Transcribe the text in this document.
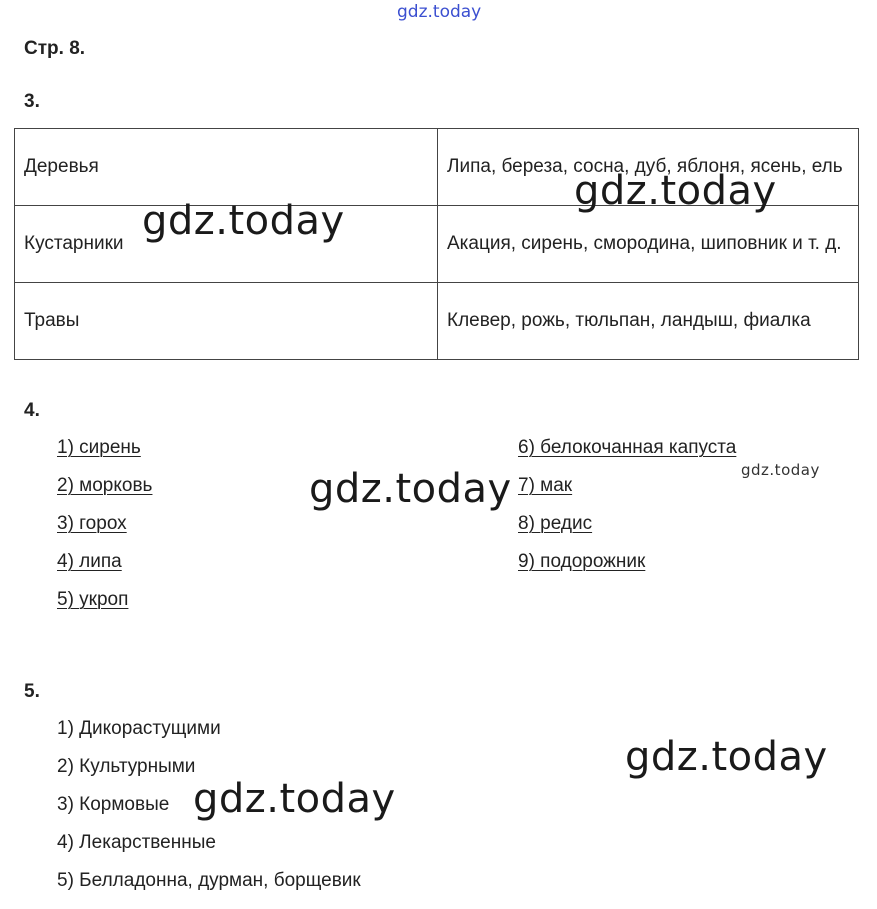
gdz.today
Стр. 8.
3.
Деревья	Липа, береза, сосна, дуб, яблоня, ясень, ель
Кустарники	Акация, сирень, смородина, шиповник и т. д.
Травы	Клевер, рожь, тюльпан, ландыш, фиалка
gdz.today
gdz.today
4.
1) сирень
2) морковь
3) горох
4) липа
5) укроп
6) белокочанная капуста
7) мак
8) редис
9) подорожник
gdz.today	gdz.today
5.
1) Дикорастущими
2) Культурными
3) Кормовые
4) Лекарственные
5) Белладонна, дурман, борщевик
gdz.today
gdz.today
